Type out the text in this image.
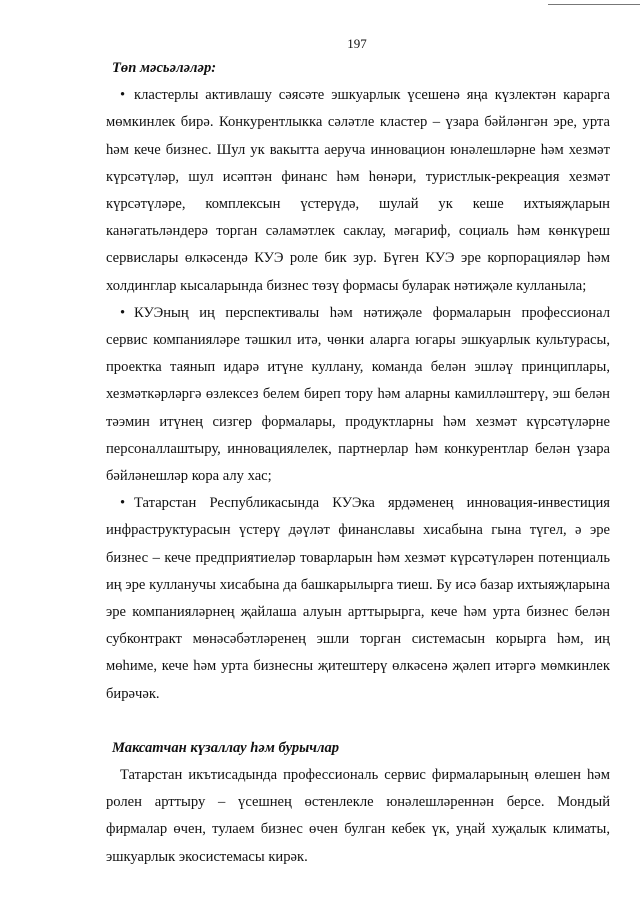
197

Төп мәсьәләләр:

• кластерлы активлашу сәясәте эшкуарлык үсешенә яңа күзлектән карарга мөмкинлек бирә. Конкурентлыкка сәләтле кластер – үзара бәйләнгән эре, урта һәм кече бизнес. Шул ук вакытта аеруча инновацион юнәлешләрне һәм хезмәт күрсәтүләр, шул исәптән финанс һәм һөнәри, туристлык-рекреация хезмәт күрсәтүләре, комплексын үстерүдә, шулай ук кеше ихтыяҗларын канәгатьләндерә торган сәламәтлек саклау, мәгариф, социаль һәм көнкүреш сервислары өлкәсендә КУЭ роле бик зур. Бүген КУЭ эре корпорацияләр һәм холдинглар кысаларында бизнес төзү формасы буларак нәтиҗәле кулланыла;

• КУЭның иң перспективалы һәм нәтиҗәле формаларын профессионал сервис компанияләре тәшкил итә, чөнки аларга югары эшкуарлык культурасы, проектка таянып идарә итүне куллану, команда белән эшләү принциплары, хезмәткәрләргә өзлексез белем биреп тору һәм аларны камилләштерү, эш белән тәэмин итүнең сизгер формалары, продуктларны һәм хезмәт күрсәтүләрне персоналлаштыру, инновациялелек, партнерлар һәм конкурентлар белән үзара бәйләнешләр кора алу хас;

• Татарстан Республикасында КУЭка ярдәменең инновация-инвестиция инфраструктурасын үстерү дәүләт финанславы хисабына гына түгел, ә эре бизнес – кече предприятиеләр товарларын һәм хезмәт күрсәтүләрен потенциаль иң эре кулланучы хисабына да башкарылырга тиеш. Бу исә базар ихтыяҗларына эре компанияләрнең җайлаша алуын арттырырга, кече һәм урта бизнес белән субконтракт мөнәсәбәтләренең эшли торган системасын корырга һәм, иң мөһиме, кече һәм урта бизнесны җитештерү өлкәсенә җәлеп итәргә мөмкинлек бирәчәк.

Максатчан күзаллау һәм бурычлар

Татарстан икътисадында профессиональ сервис фирмаларының өлешен һәм ролен арттыру – үсешнең өстенлекле юнәлешләреннән берсе. Мондый фирмалар өчен, тулаем бизнес өчен булган кебек үк, уңай хуҗалык климаты, эшкуарлык экосистемасы кирәк.
